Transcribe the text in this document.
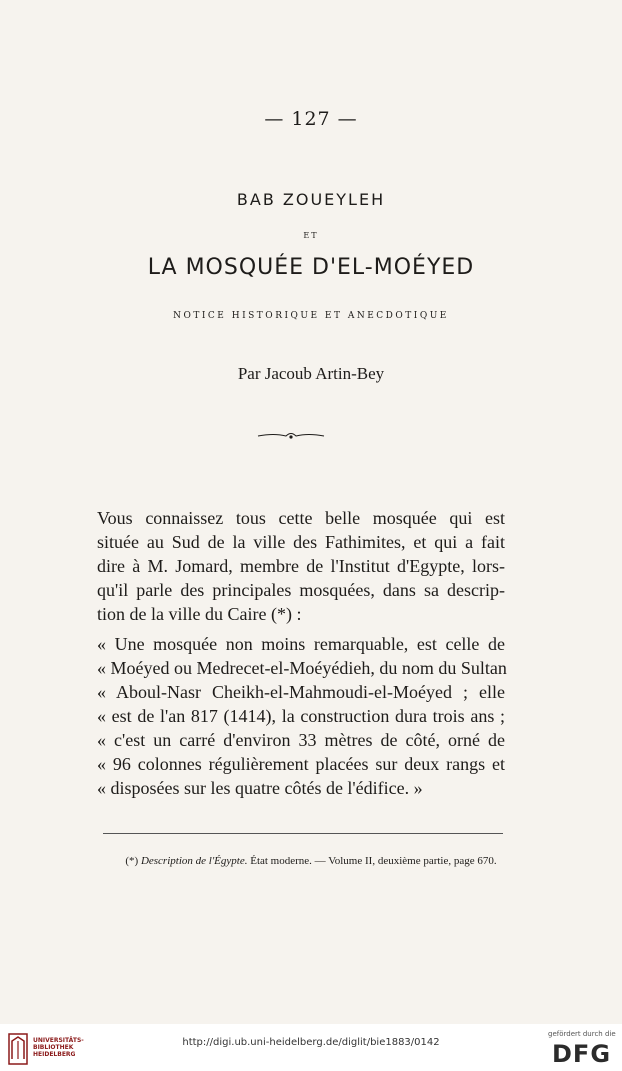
— 127 —
BAB ZOUEYLEH
ET
LA MOSQUÉE D'EL-MOÉYED
NOTICE HISTORIQUE ET ANECDOTIQUE
Par Jacoub Artin-Bey
Vous connaissez tous cette belle mosquée qui est
située au Sud de la ville des Fathimites, et qui a fait
dire à M. Jomard, membre de l'Institut d'Egypte, lors-
qu'il parle des principales mosquées, dans sa descrip-
tion de la ville du Caire (*) :
« Une mosquée non moins remarquable, est celle de
« Moéyed ou Medrecet-el-Moéyédieh, du nom du Sultan
« Aboul-Nasr Cheikh-el-Mahmoudi-el-Moéyed ; elle
« est de l'an 817 (1414), la construction dura trois ans ;
« c'est un carré d'environ 33 mètres de côté, orné de
« 96 colonnes régulièrement placées sur deux rangs et
« disposées sur les quatre côtés de l'édifice. »
(*) Description de l'Égypte. État moderne. — Volume II, deuxième partie, page 670.
UNIVERSITÄTS-
BIBLIOTHEK
HEIDELBERG
http://digi.ub.uni-heidelberg.de/diglit/bie1883/0142
gefördert durch die
DFG
